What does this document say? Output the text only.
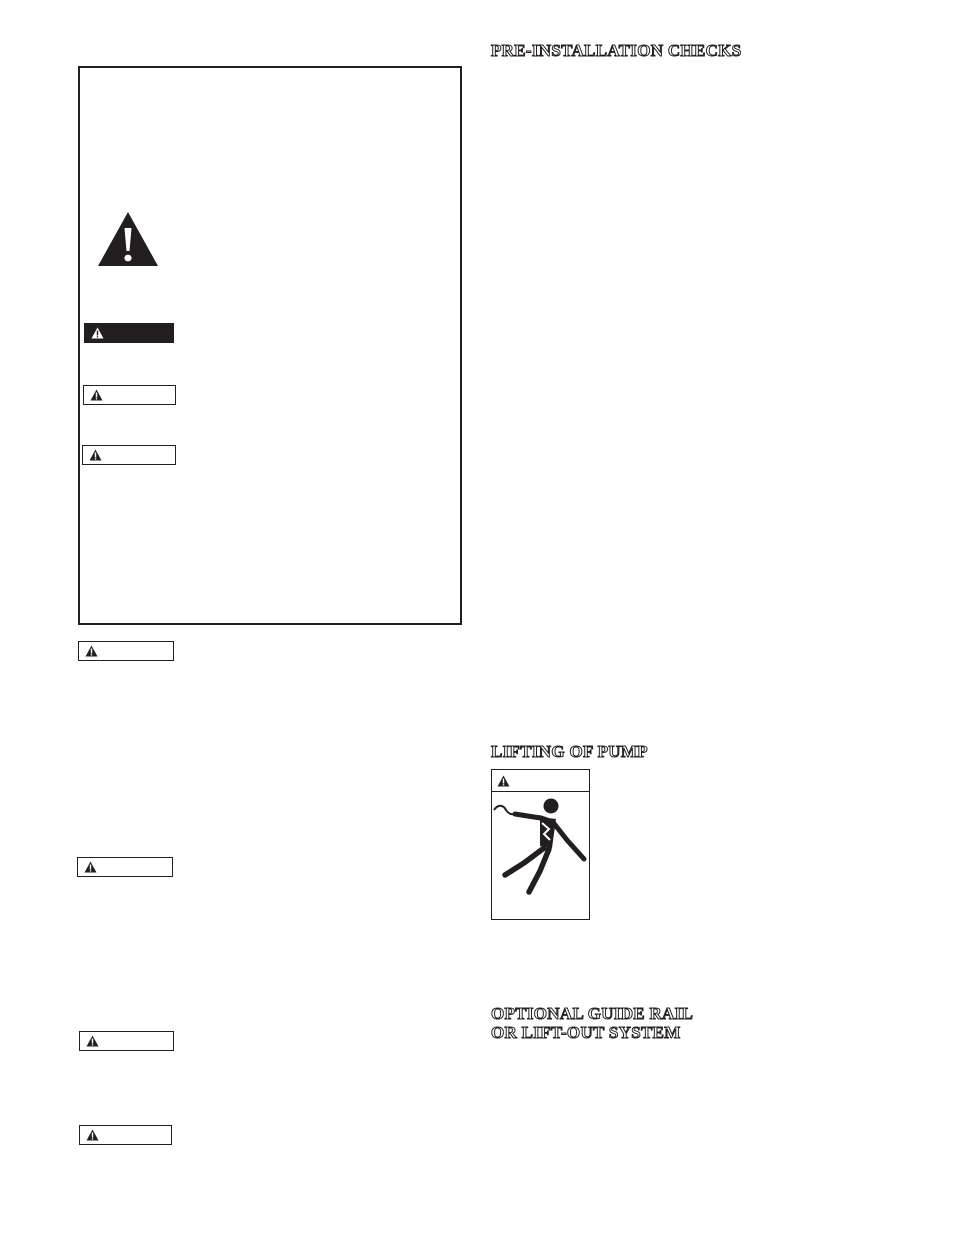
PRE-INSTALLATION CHECKS
LIFTING OF PUMP
OPTIONAL GUIDE RAIL
OR LIFT-OUT SYSTEM
